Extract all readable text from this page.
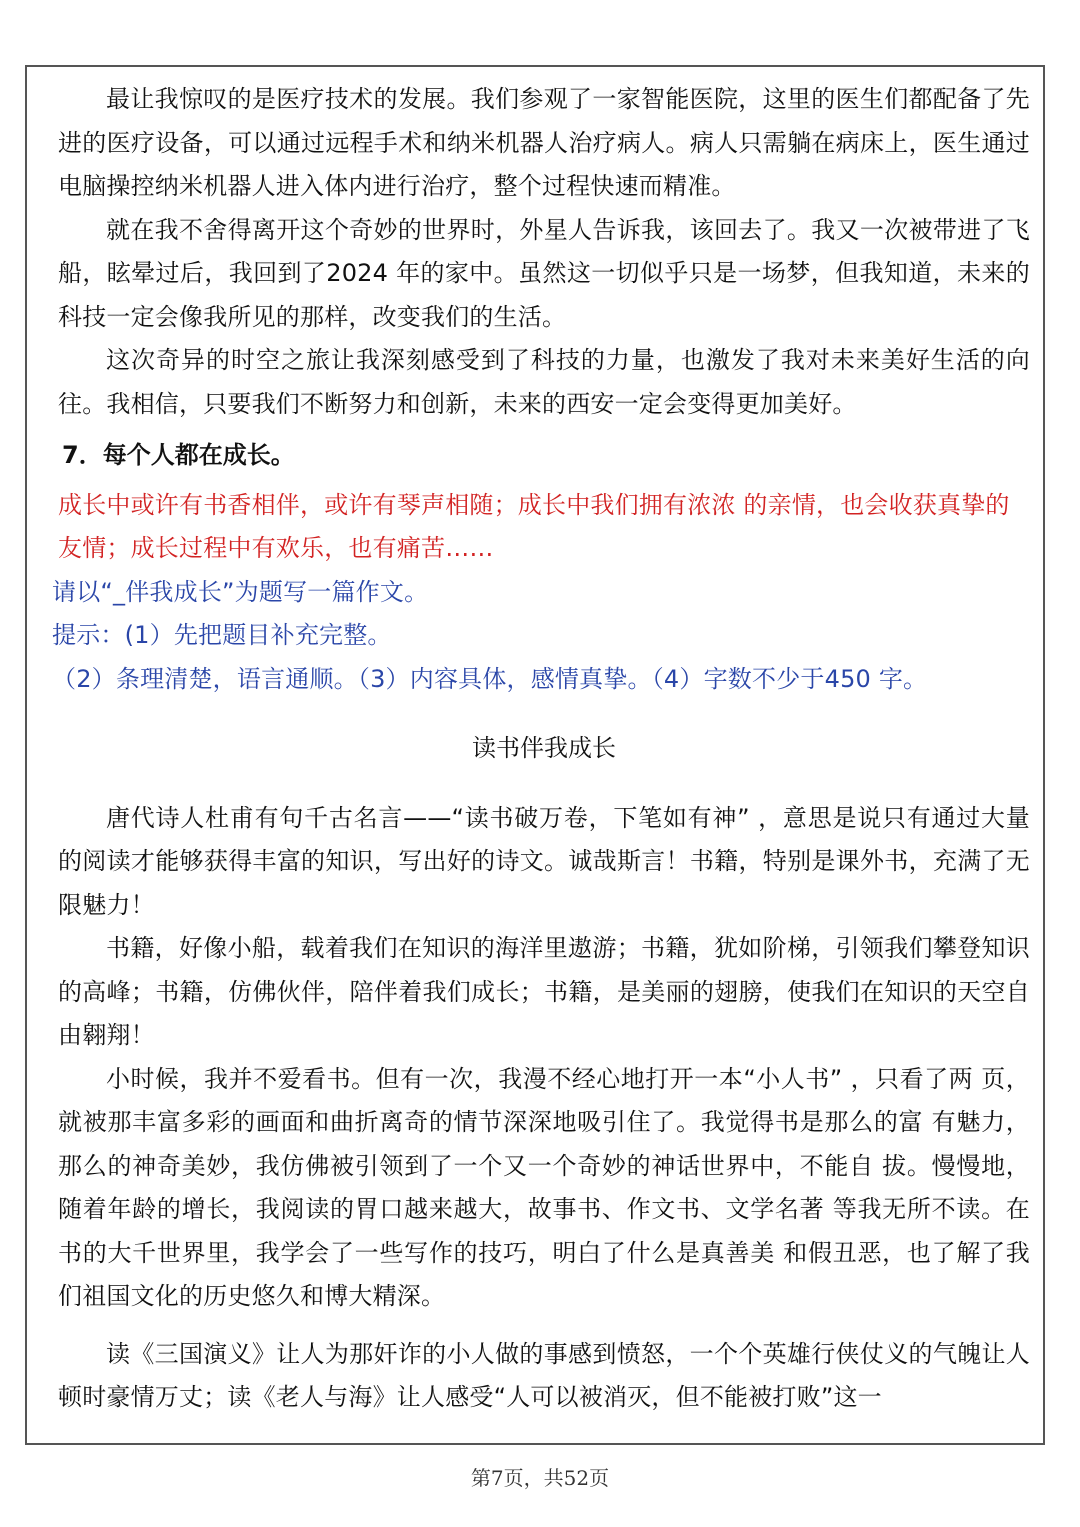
最让我惊叹的是医疗技术的发展。我们参观了一家智能医院，这里的医生们都配备了先进的医疗设备，可以通过远程手术和纳米机器人治疗病人。病人只需躺在病床上，医生通过电脑操控纳米机器人进入体内进行治疗，整个过程快速而精准。

就在我不舍得离开这个奇妙的世界时，外星人告诉我，该回去了。我又一次被带进了飞船，眩晕过后，我回到了2024 年的家中。虽然这一切似乎只是一场梦，但我知道，未来的科技一定会像我所见的那样，改变我们的生活。

这次奇异的时空之旅让我深刻感受到了科技的力量，也激发了我对未来美好生活的向往。我相信，只要我们不断努力和创新，未来的西安一定会变得更加美好。

7．每个人都在成长。

成长中或许有书香相伴，或许有琴声相随；成长中我们拥有浓浓 的亲情，也会收获真挚的友情；成长过程中有欢乐，也有痛苦……

请以“_伴我成长”为题写一篇作文。

提示：(1）先把题目补充完整。

（2）条理清楚，语言通顺。（3）内容具体，感情真挚。（4）字数不少于450 字。

读书伴我成长

唐代诗人杜甫有句千古名言——“读书破万卷，下笔如有神” ，意思是说只有通过大量的阅读才能够获得丰富的知识，写出好的诗文。诚哉斯言！书籍，特别是课外书，充满了无限魅力！

书籍，好像小船，载着我们在知识的海洋里遨游；书籍，犹如阶梯，引领我们攀登知识的高峰；书籍，仿佛伙伴，陪伴着我们成长；书籍，是美丽的翅膀，使我们在知识的天空自由翱翔！

小时候，我并不爱看书。但有一次，我漫不经心地打开一本“小人书” ，只看了两 页，就被那丰富多彩的画面和曲折离奇的情节深深地吸引住了。我觉得书是那么的富 有魅力，那么的神奇美妙，我仿佛被引领到了一个又一个奇妙的神话世界中，不能自 拔。慢慢地，随着年龄的增长，我阅读的胃口越来越大，故事书、作文书、文学名著 等我无所不读。在书的大千世界里，我学会了一些写作的技巧，明白了什么是真善美 和假丑恶，也了解了我们祖国文化的历史悠久和博大精深。

读《三国演义》让人为那奸诈的小人做的事感到愤怒，一个个英雄行侠仗义的气魄让人顿时豪情万丈；读《老人与海》让人感受“人可以被消灭，但不能被打败”这一

第7页，共52页
